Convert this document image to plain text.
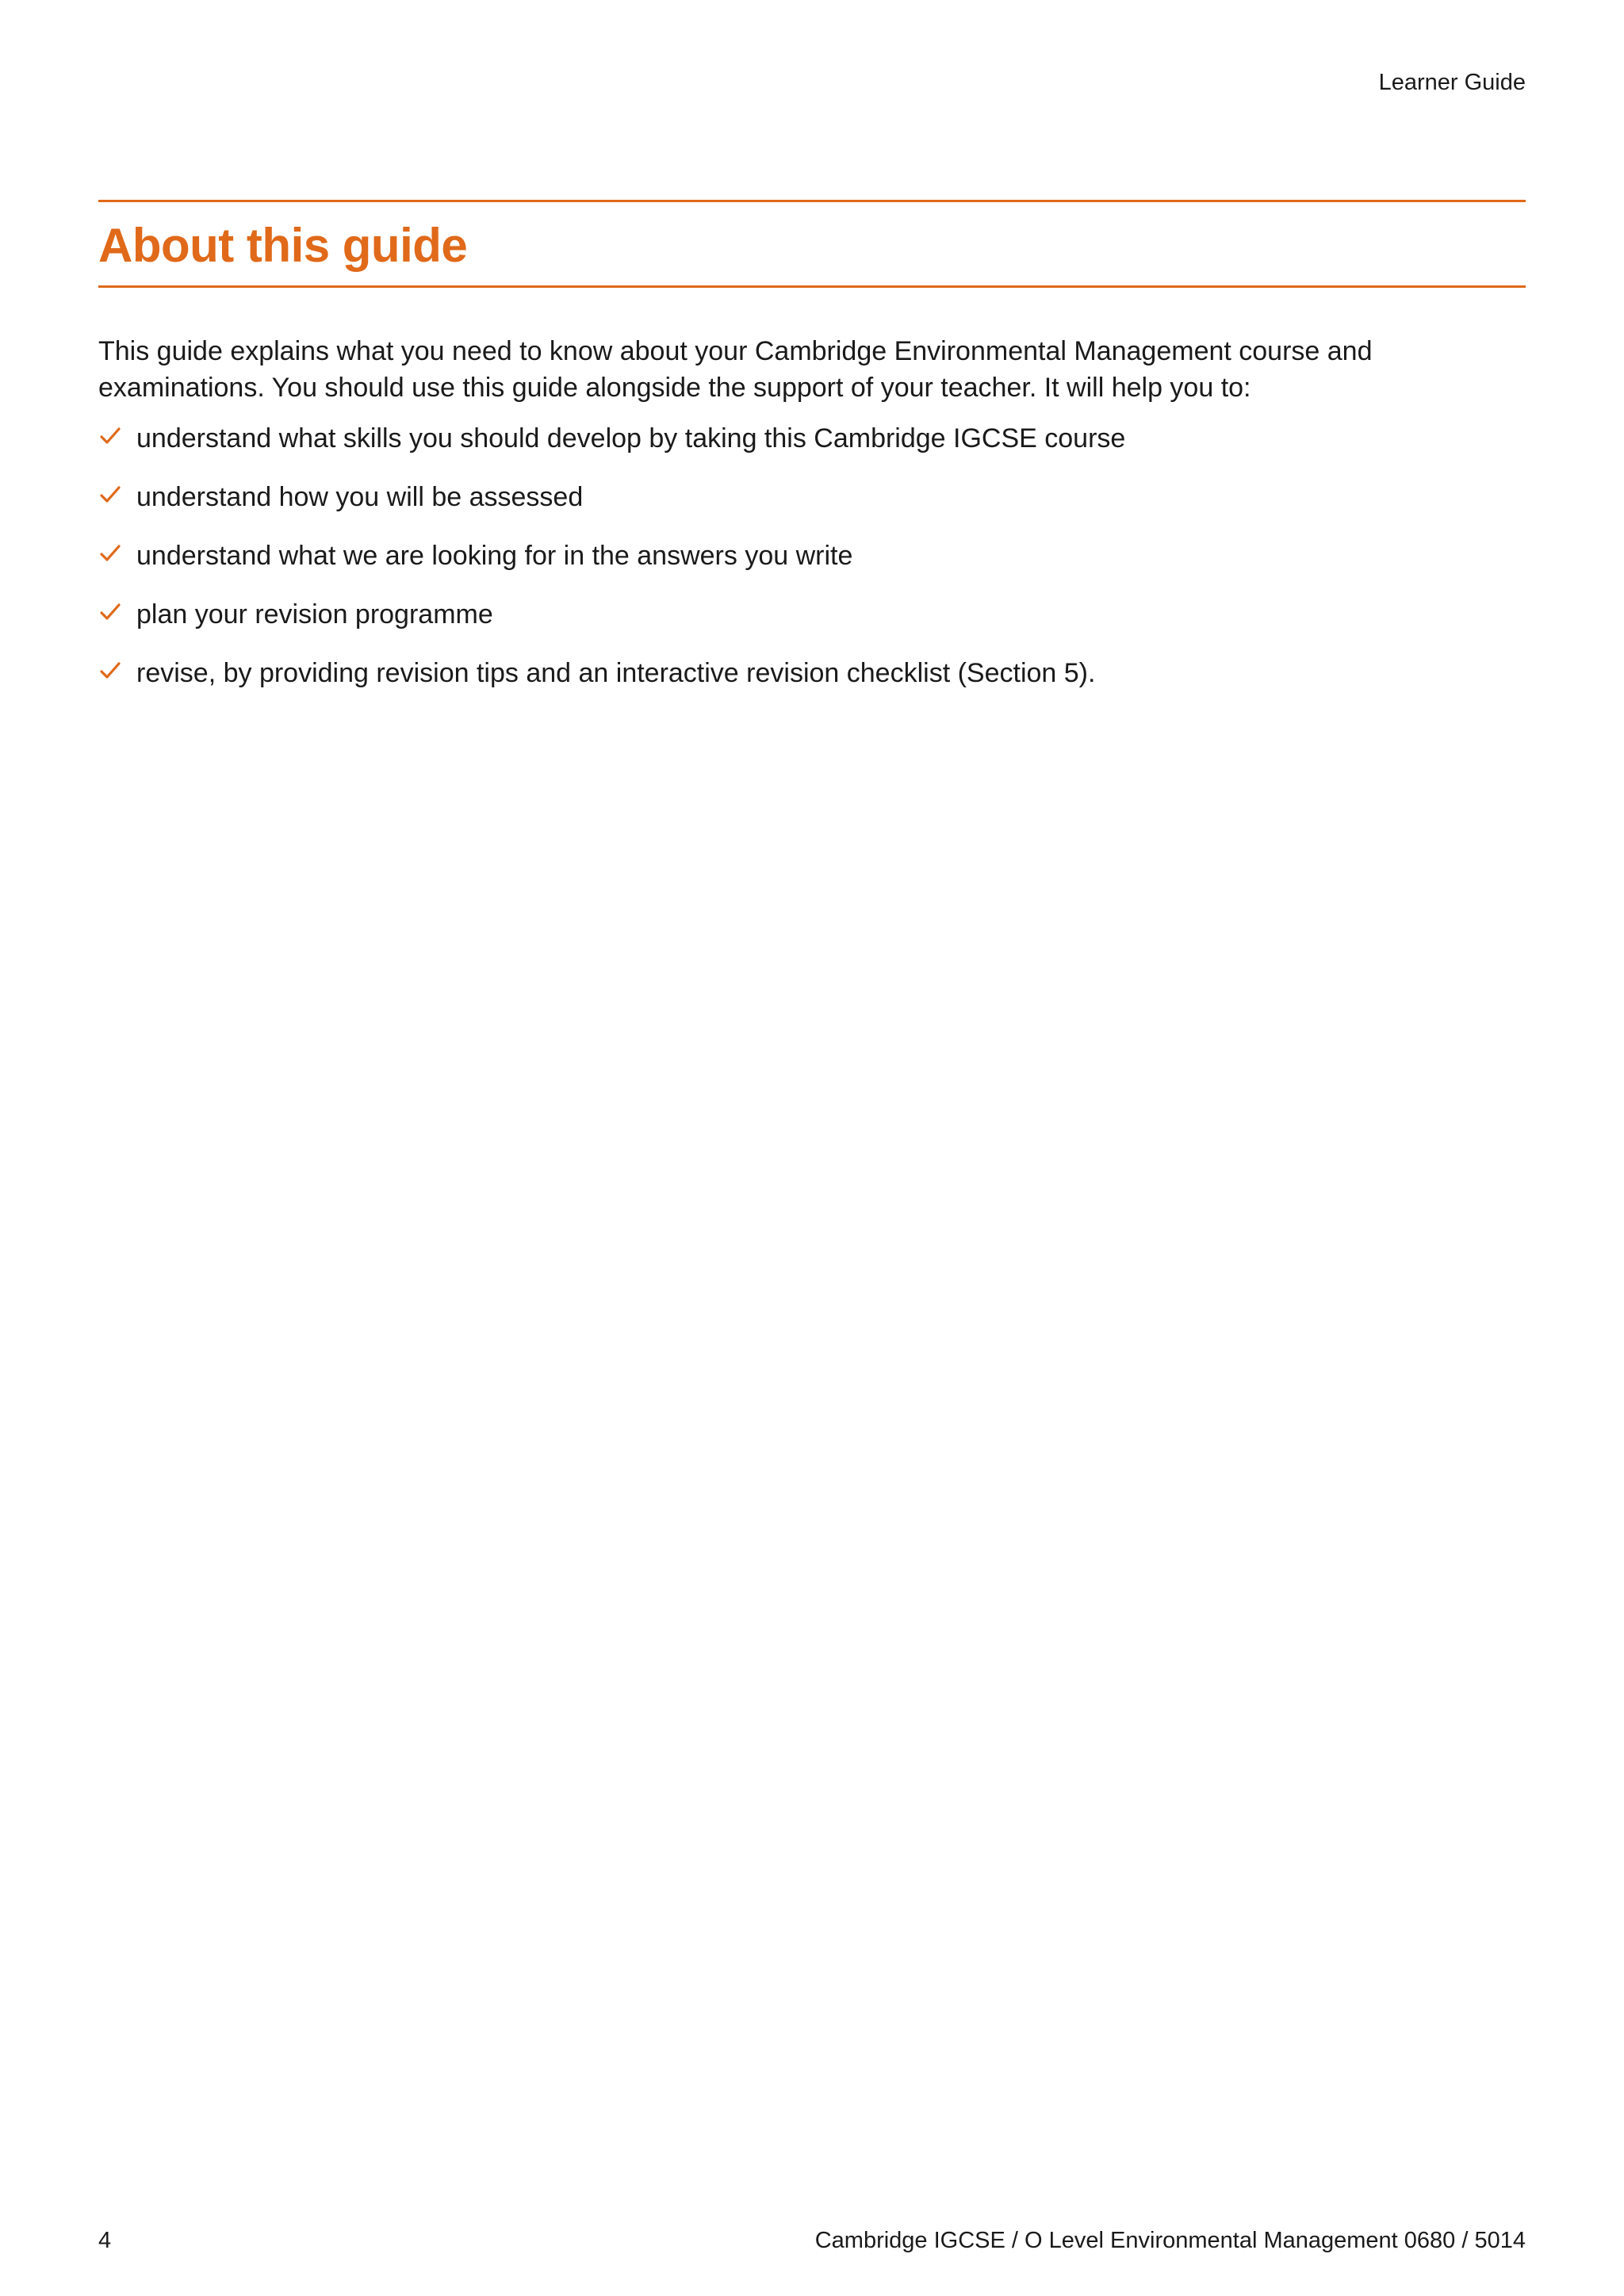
Learner Guide
About this guide

This guide explains what you need to know about your Cambridge Environmental Management course and examinations. You should use this guide alongside the support of your teacher. It will help you to:

understand what skills you should develop by taking this Cambridge IGCSE course
understand how you will be assessed
understand what we are looking for in the answers you write
plan your revision programme
revise, by providing revision tips and an interactive revision checklist (Section 5).
4	Cambridge IGCSE / O Level Environmental Management 0680 / 5014
